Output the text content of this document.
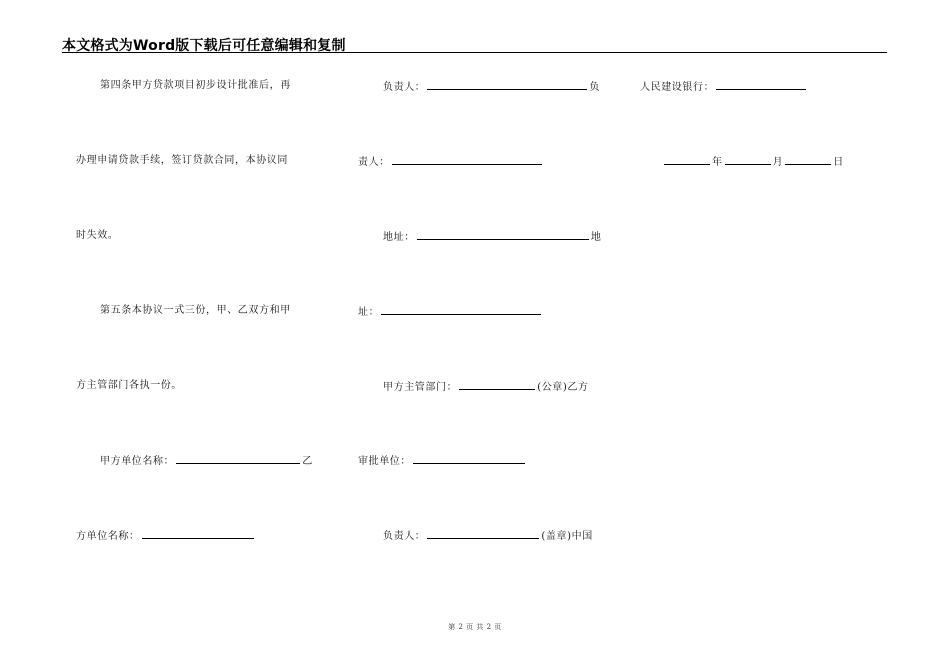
本文格式为Word版下载后可任意编辑和复制
第四条甲方贷款项目初步设计批准后，再
办理申请贷款手续，签订贷款合同，本协议同
时失效。
第五条本协议一式三份，甲、乙双方和甲
方主管部门各执一份。
甲方单位名称：	乙
方单位名称：
负责人：	负
责人：
地址：	地
址：
甲方主管部门：	(公章)乙方
审批单位：
负责人：	(盖章)中国
人民建设银行：
年	月	日
第 2 页 共 2 页
